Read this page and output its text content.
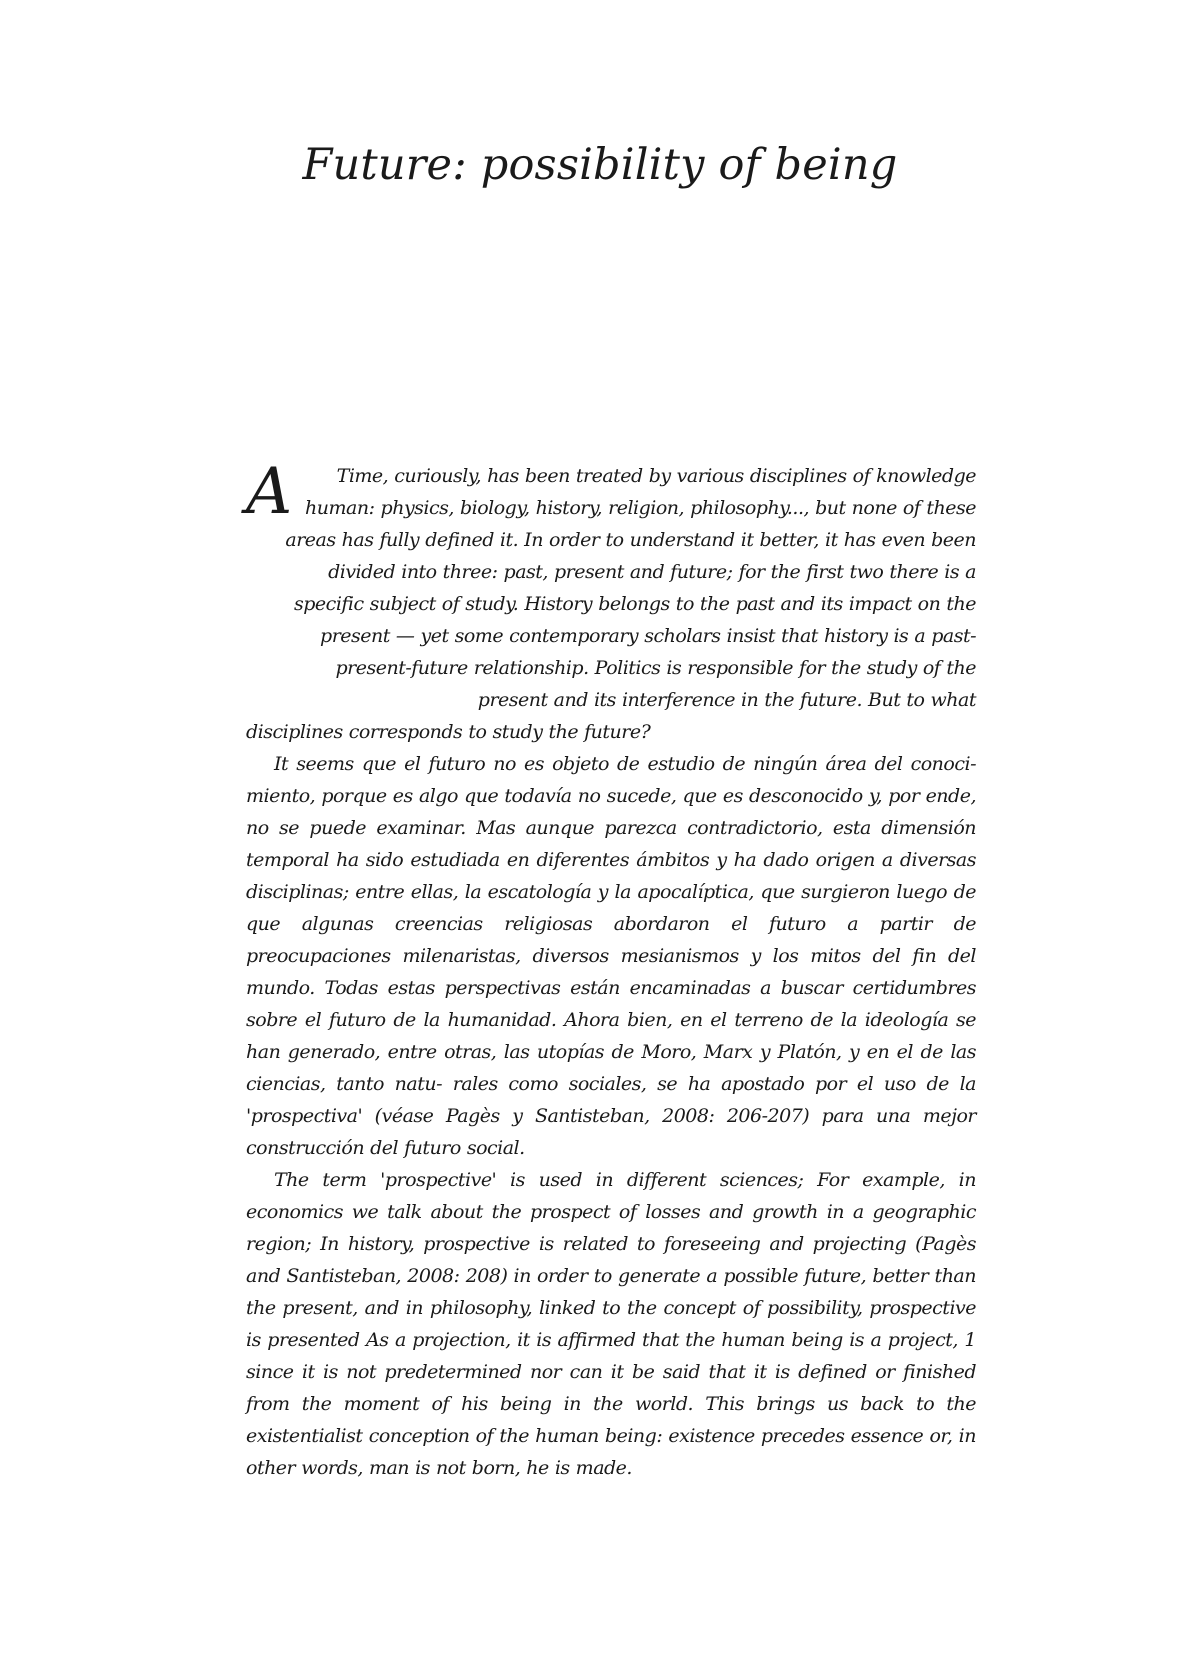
Future: possibility of being
A	Time, curiously, has been treated by various disciplines of knowledge
human: physics, biology, history, religion, philosophy..., but none of these
areas has fully defined it. In order to understand it better, it has even been
divided into three: past, present and future; for the first two there is a
specific subject of study. History belongs to the past and its impact on the
present — yet some contemporary scholars insist that history is a past-
present-future relationship. Politics is responsible for the study of the
present and its interference in the future. But to what
disciplines corresponds to study the future?

It seems que el futuro no es objeto de estudio de ningún área del conoci- miento, porque es algo que todavía no sucede, que es desconocido y, por ende, no se puede examinar. Mas aunque parezca contradictorio, esta dimensión temporal ha sido estudiada en diferentes ámbitos y ha dado origen a diversas disciplinas; entre ellas, la escatología y la apocalíptica, que surgieron luego de que algunas creencias religiosas abordaron el futuro a partir de preocupaciones milenaristas, diversos mesianismos y los mitos del fin del mundo. Todas estas perspectivas están encaminadas a buscar certidumbres sobre el futuro de la humanidad. Ahora bien, en el terreno de la ideología se han generado, entre otras, las utopías de Moro, Marx y Platón, y en el de las ciencias, tanto natu- rales como sociales, se ha apostado por el uso de la 'prospectiva' (véase Pagès y Santisteban, 2008: 206-207) para una mejor construcción del futuro social.

The term 'prospective' is used in different sciences; For example, in economics we talk about the prospect of losses and growth in a geographic region; In history, prospective is related to foreseeing and projecting (Pagès and Santisteban, 2008: 208) in order to generate a possible future, better than the present, and in philosophy, linked to the concept of possibility, prospective is presented As a projection, it is affirmed that the human being is a project, 1 since it is not predetermined nor can it be said that it is defined or finished from the moment of his being in the world. This brings us back to the existentialist conception of the human being: existence precedes essence or, in other words, man is not born, he is made.
